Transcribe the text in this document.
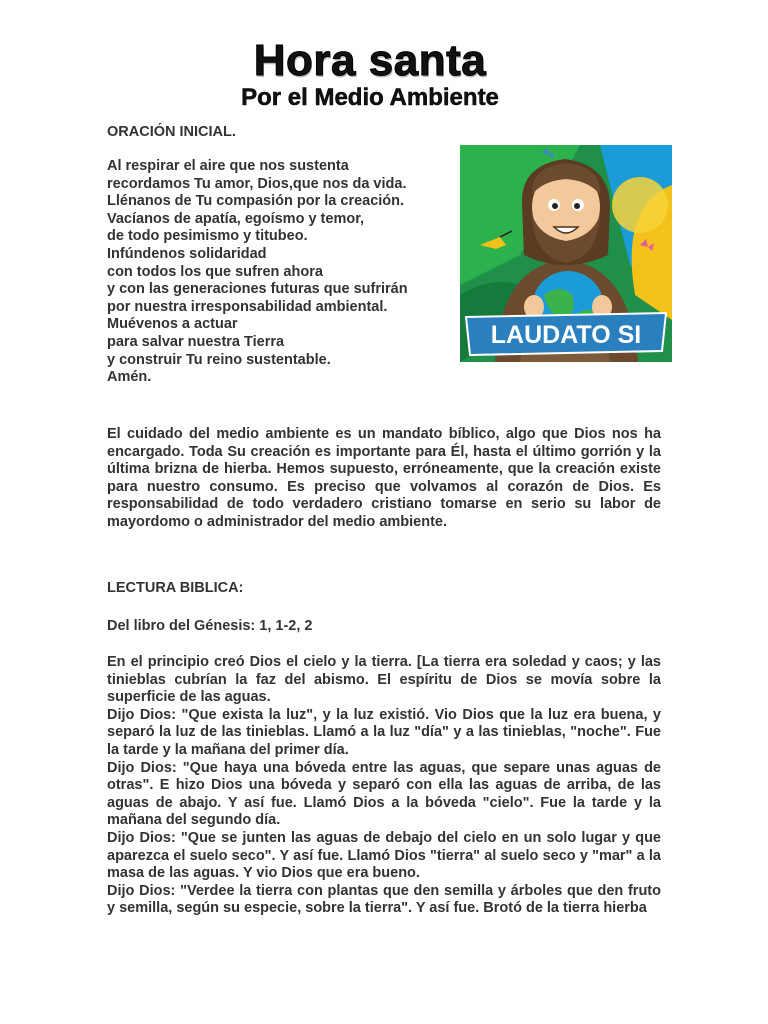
Hora santa
Por el Medio Ambiente
ORACIÓN INICIAL.
Al respirar el aire que nos sustenta
recordamos Tu amor, Dios,que nos da vida.
Llénanos de Tu compasión por la creación.
Vacíanos de apatía, egoísmo y temor,
de todo pesimismo y titubeo.
Infúndenos solidaridad
con todos los que sufren ahora
y con las generaciones futuras que sufrirán
por nuestra irresponsabilidad ambiental.
Muévenos a actuar
para salvar nuestra Tierra
y construir Tu reino sustentable.
Amén.
LAUDATO SI
El cuidado del medio ambiente es un mandato bíblico, algo que Dios nos ha encargado. Toda Su creación es importante para Él, hasta el último gorrión y la última brizna de hierba. Hemos supuesto, erróneamente, que la creación existe para nuestro consumo. Es preciso que volvamos al corazón de Dios. Es responsabilidad de todo verdadero cristiano tomarse en serio su labor de mayordomo o administrador del medio ambiente.
LECTURA BIBLICA:
Del libro del Génesis: 1, 1-2, 2

En el principio creó Dios el cielo y la tierra. [La tierra era soledad y caos; y las tinieblas cubrían la faz del abismo. El espíritu de Dios se movía sobre la superficie de las aguas.

Dijo Dios: "Que exista la luz", y la luz existió. Vio Dios que la luz era buena, y separó la luz de las tinieblas. Llamó a la luz "día" y a las tinieblas, "noche". Fue la tarde y la mañana del primer día.

Dijo Dios: "Que haya una bóveda entre las aguas, que separe unas aguas de otras". E hizo Dios una bóveda y separó con ella las aguas de arriba, de las aguas de abajo. Y así fue. Llamó Dios a la bóveda "cielo". Fue la tarde y la mañana del segundo día.

Dijo Dios: "Que se junten las aguas de debajo del cielo en un solo lugar y que aparezca el suelo seco". Y así fue. Llamó Dios "tierra" al suelo seco y "mar" a la masa de las aguas. Y vio Dios que era bueno.

Dijo Dios: "Verdee la tierra con plantas que den semilla y árboles que den fruto y semilla, según su especie, sobre la tierra". Y así fue. Brotó de la tierra hierba
